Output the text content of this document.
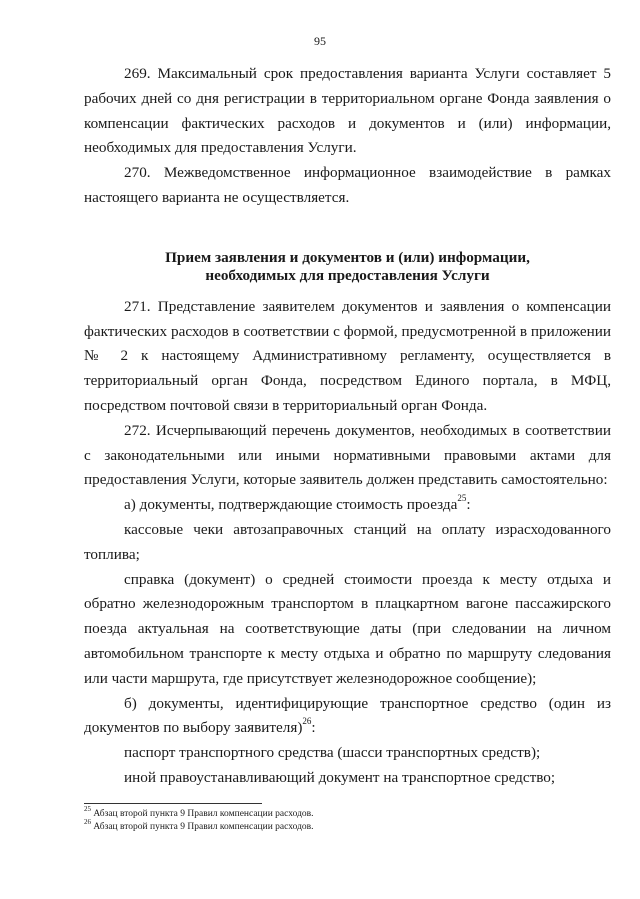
95

269. Максимальный срок предоставления варианта Услуги составляет 5 рабочих дней со дня регистрации в территориальном органе Фонда заявления о компенсации фактических расходов и документов и (или) информации, необходимых для предоставления Услуги.

270. Межведомственное информационное взаимодействие в рамках настоящего варианта не осуществляется.

Прием заявления и документов и (или) информации,
необходимых для предоставления Услуги

271. Представление заявителем документов и заявления о компенсации фактических расходов в соответствии с формой, предусмотренной в приложении № 2 к настоящему Административному регламенту, осуществляется в территориальный орган Фонда, посредством Единого портала, в МФЦ, посредством почтовой связи в территориальный орган Фонда.

272. Исчерпывающий перечень документов, необходимых в соответствии с законодательными или иными нормативными правовыми актами для предоставления Услуги, которые заявитель должен представить самостоятельно:

а) документы, подтверждающие стоимость проезда$^{25}$:

кассовые чеки автозаправочных станций на оплату израсходованного топлива;

справка (документ) о средней стоимости проезда к месту отдыха и обратно железнодорожным транспортом в плацкартном вагоне пассажирского поезда актуальная на соответствующие даты (при следовании на личном автомобильном транспорте к месту отдыха и обратно по маршруту следования или части маршрута, где присутствует железнодорожное сообщение);

б) документы, идентифицирующие транспортное средство (один из документов по выбору заявителя)$^{26}$:

паспорт транспортного средства (шасси транспортных средств);

иной правоустанавливающий документ на транспортное средство;

$^{25}$ Абзац второй пункта 9 Правил компенсации расходов.
$^{26}$ Абзац второй пункта 9 Правил компенсации расходов.
